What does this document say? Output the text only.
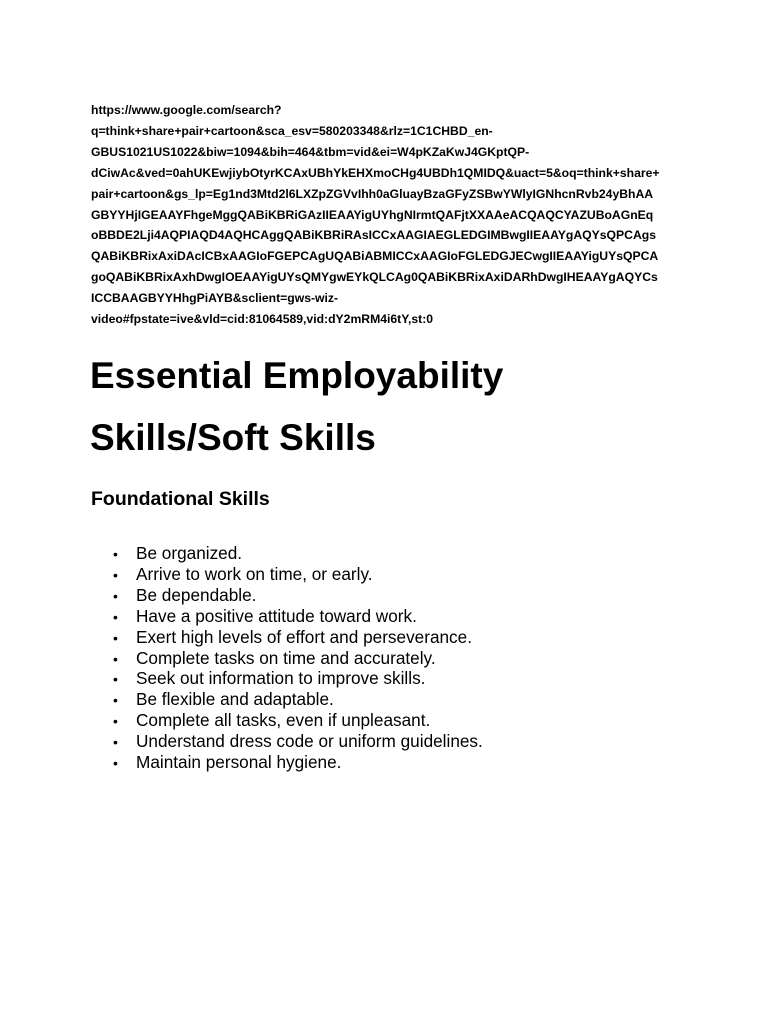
https://www.google.com/search?
q=think+share+pair+cartoon&sca_esv=580203348&rlz=1C1CHBD_en-
GBUS1021US1022&biw=1094&bih=464&tbm=vid&ei=W4pKZaKwJ4GKptQP-
dCiwAc&ved=0ahUKEwjiybOtyrKCAxUBhYkEHXmoCHg4UBDh1QMIDQ&uact=5&oq=think+share+
pair+cartoon&gs_lp=Eg1nd3Mtd2l6LXZpZGVvIhh0aGluayBzaGFyZSBwYWlyIGNhcnRvb24yBhAA
GBYYHjIGEAAYFhgeMggQABiKBRiGAzIIEAAYigUYhgNIrmtQAFjtXXAAeACQAQCYAZUBoAGnEq
oBBDE2Lji4AQPIAQD4AQHCAggQABiKBRiRAsICCxAAGIAEGLEDGIMBwgIIEAAYgAQYsQPCAgs
QABiKBRixAxiDAcICBxAAGIoFGEPCAgUQABiABMICCxAAGIoFGLEDGJECwgIIEAAYigUYsQPCA
goQABiKBRixAxhDwgIOEAAYigUYsQMYgwEYkQLCAg0QABiKBRixAxiDARhDwgIHEAAYgAQYCs
ICCBAAGBYYHhgPiAYB&sclient=gws-wiz-
video#fpstate=ive&vld=cid:81064589,vid:dY2mRM4i6tY,st:0
Essential Employability
Skills/Soft Skills
Foundational Skills
• Be organized.
• Arrive to work on time, or early.
• Be dependable.
• Have a positive attitude toward work.
• Exert high levels of effort and perseverance.
• Complete tasks on time and accurately.
• Seek out information to improve skills.
• Be flexible and adaptable.
• Complete all tasks, even if unpleasant.
• Understand dress code or uniform guidelines.
• Maintain personal hygiene.
